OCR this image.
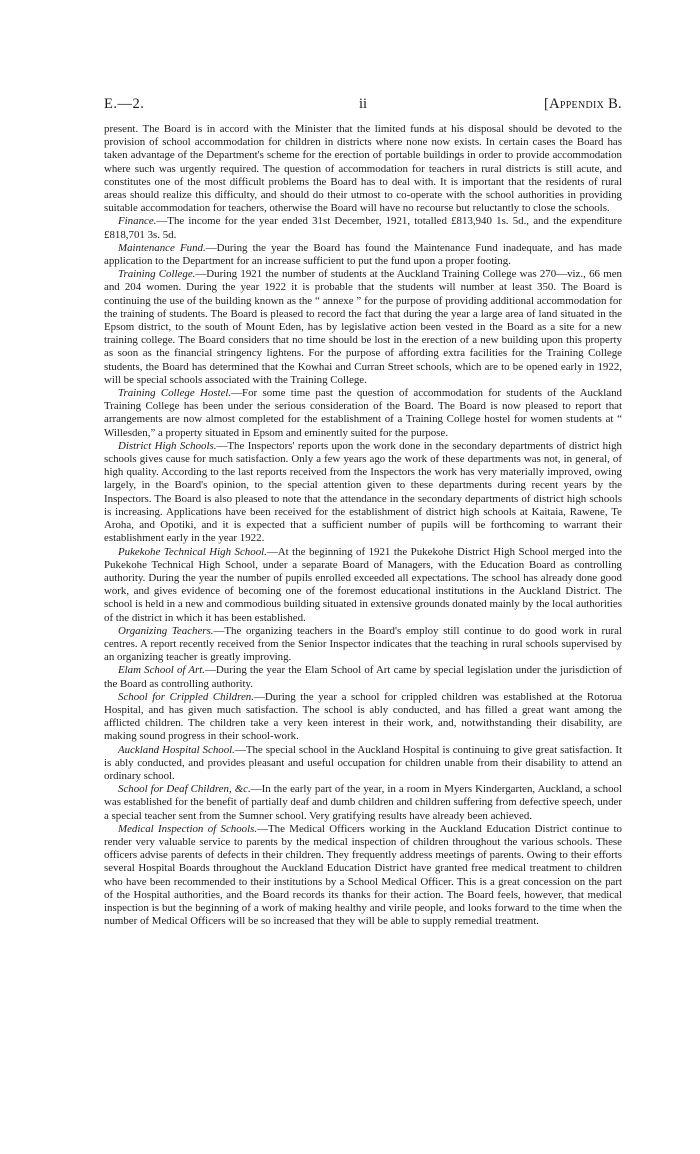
E.—2.	ii	[Appendix B.

present. The Board is in accord with the Minister that the limited funds at his disposal should be devoted to the provision of school accommodation for children in districts where none now exists. In certain cases the Board has taken advantage of the Department's scheme for the erection of portable buildings in order to provide accommodation where such was urgently required. The question of accommodation for teachers in rural districts is still acute, and constitutes one of the most difficult problems the Board has to deal with. It is important that the residents of rural areas should realize this difficulty, and should do their utmost to co-operate with the school authorities in providing suitable accommodation for teachers, otherwise the Board will have no recourse but reluctantly to close the schools.

Finance.—The income for the year ended 31st December, 1921, totalled £813,940 1s. 5d., and the expenditure £818,701 3s. 5d.

Maintenance Fund.—During the year the Board has found the Maintenance Fund inadequate, and has made application to the Department for an increase sufficient to put the fund upon a proper footing.

Training College.—During 1921 the number of students at the Auckland Training College was 270—viz., 66 men and 204 women. During the year 1922 it is probable that the students will number at least 350. The Board is continuing the use of the building known as the “ annexe ” for the purpose of providing additional accommodation for the training of students. The Board is pleased to record the fact that during the year a large area of land situated in the Epsom district, to the south of Mount Eden, has by legislative action been vested in the Board as a site for a new training college. The Board considers that no time should be lost in the erection of a new building upon this property as soon as the financial stringency lightens. For the purpose of affording extra facilities for the Training College students, the Board has determined that the Kowhai and Curran Street schools, which are to be opened early in 1922, will be special schools associated with the Training College.

Training College Hostel.—For some time past the question of accommodation for students of the Auckland Training College has been under the serious consideration of the Board. The Board is now pleased to report that arrangements are now almost completed for the establishment of a Training College hostel for women students at “ Willesden,” a property situated in Epsom and eminently suited for the purpose.

District High Schools.—The Inspectors' reports upon the work done in the secondary departments of district high schools gives cause for much satisfaction. Only a few years ago the work of these departments was not, in general, of high quality. According to the last reports received from the Inspectors the work has very materially improved, owing largely, in the Board's opinion, to the special attention given to these departments during recent years by the Inspectors. The Board is also pleased to note that the attendance in the secondary departments of district high schools is increasing. Applications have been received for the establishment of district high schools at Kaitaia, Rawene, Te Aroha, and Opotiki, and it is expected that a sufficient number of pupils will be forthcoming to warrant their establishment early in the year 1922.

Pukekohe Technical High School.—At the beginning of 1921 the Pukekohe District High School merged into the Pukekohe Technical High School, under a separate Board of Managers, with the Education Board as controlling authority. During the year the number of pupils enrolled exceeded all expectations. The school has already done good work, and gives evidence of becoming one of the foremost educational institutions in the Auckland District. The school is held in a new and commodious building situated in extensive grounds donated mainly by the local authorities of the district in which it has been established.

Organizing Teachers.—The organizing teachers in the Board's employ still continue to do good work in rural centres. A report recently received from the Senior Inspector indicates that the teaching in rural schools supervised by an organizing teacher is greatly improving.

Elam School of Art.—During the year the Elam School of Art came by special legislation under the jurisdiction of the Board as controlling authority.

School for Crippled Children.—During the year a school for crippled children was established at the Rotorua Hospital, and has given much satisfaction. The school is ably conducted, and has filled a great want among the afflicted children. The children take a very keen interest in their work, and, notwithstanding their disability, are making sound progress in their school-work.

Auckland Hospital School.—The special school in the Auckland Hospital is continuing to give great satisfaction. It is ably conducted, and provides pleasant and useful occupation for children unable from their disability to attend an ordinary school.

School for Deaf Children, &c.—In the early part of the year, in a room in Myers Kindergarten, Auckland, a school was established for the benefit of partially deaf and dumb children and children suffering from defective speech, under a special teacher sent from the Sumner school. Very gratifying results have already been achieved.

Medical Inspection of Schools.—The Medical Officers working in the Auckland Education District continue to render very valuable service to parents by the medical inspection of children throughout the various schools. These officers advise parents of defects in their children. They frequently address meetings of parents. Owing to their efforts several Hospital Boards throughout the Auckland Education District have granted free medical treatment to children who have been recommended to their institutions by a School Medical Officer. This is a great concession on the part of the Hospital authorities, and the Board records its thanks for their action. The Board feels, however, that medical inspection is but the beginning of a work of making healthy and virile people, and looks forward to the time when the number of Medical Officers will be so increased that they will be able to supply remedial treatment.
